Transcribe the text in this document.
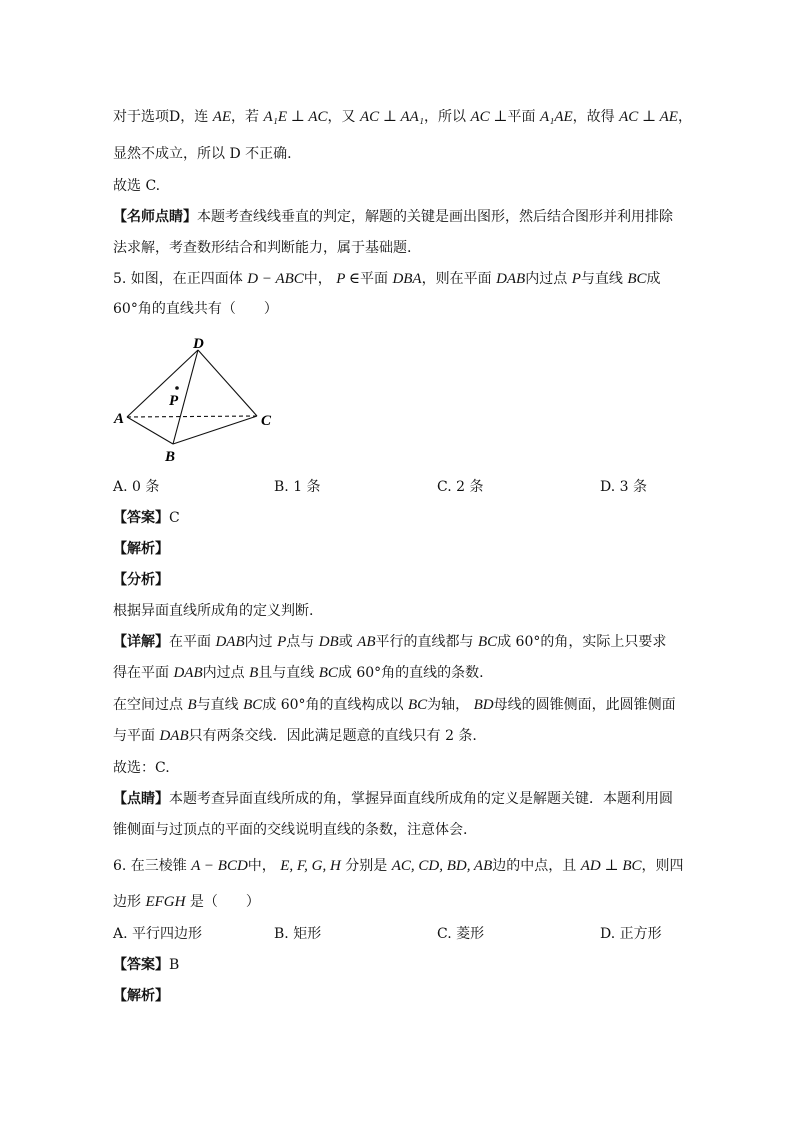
对于选项D，连 AE，若 A₁E ⊥ AC，又 AC ⊥ AA₁，所以 AC ⊥平面 A₁AE，故得 AC ⊥ AE，
显然不成立，所以 D 不正确.
故选 C.
【名师点睛】本题考查线线垂直的判定，解题的关键是画出图形，然后结合图形并利用排除
法求解，考查数形结合和判断能力，属于基础题.
5. 如图，在正四面体 D − ABC中， P ∈平面 DBA，则在平面 DAB内过点 P与直线 BC成
60°角的直线共有（　　）
D
P
A	C
B
A. 0 条	B. 1 条	C. 2 条	D. 3 条
【答案】C
【解析】
【分析】
根据异面直线所成角的定义判断.
【详解】在平面 DAB内过 P点与 DB或 AB平行的直线都与 BC成 60°的角，实际上只要求
得在平面 DAB内过点 B且与直线 BC成 60°角的直线的条数.
在空间过点 B与直线 BC成 60°角的直线构成以 BC为轴， BD母线的圆锥侧面，此圆锥侧面
与平面 DAB只有两条交线．因此满足题意的直线只有 2 条.
故选：C.
【点睛】本题考查异面直线所成的角，掌握异面直线所成角的定义是解题关键．本题利用圆
锥侧面与过顶点的平面的交线说明直线的条数，注意体会.
6. 在三棱锥 A − BCD中， E, F, G, H 分别是 AC, CD, BD, AB边的中点，且 AD ⊥ BC，则四
边形 EFGH 是（　　）
A. 平行四边形	B. 矩形	C. 菱形	D. 正方形
【答案】B
【解析】
